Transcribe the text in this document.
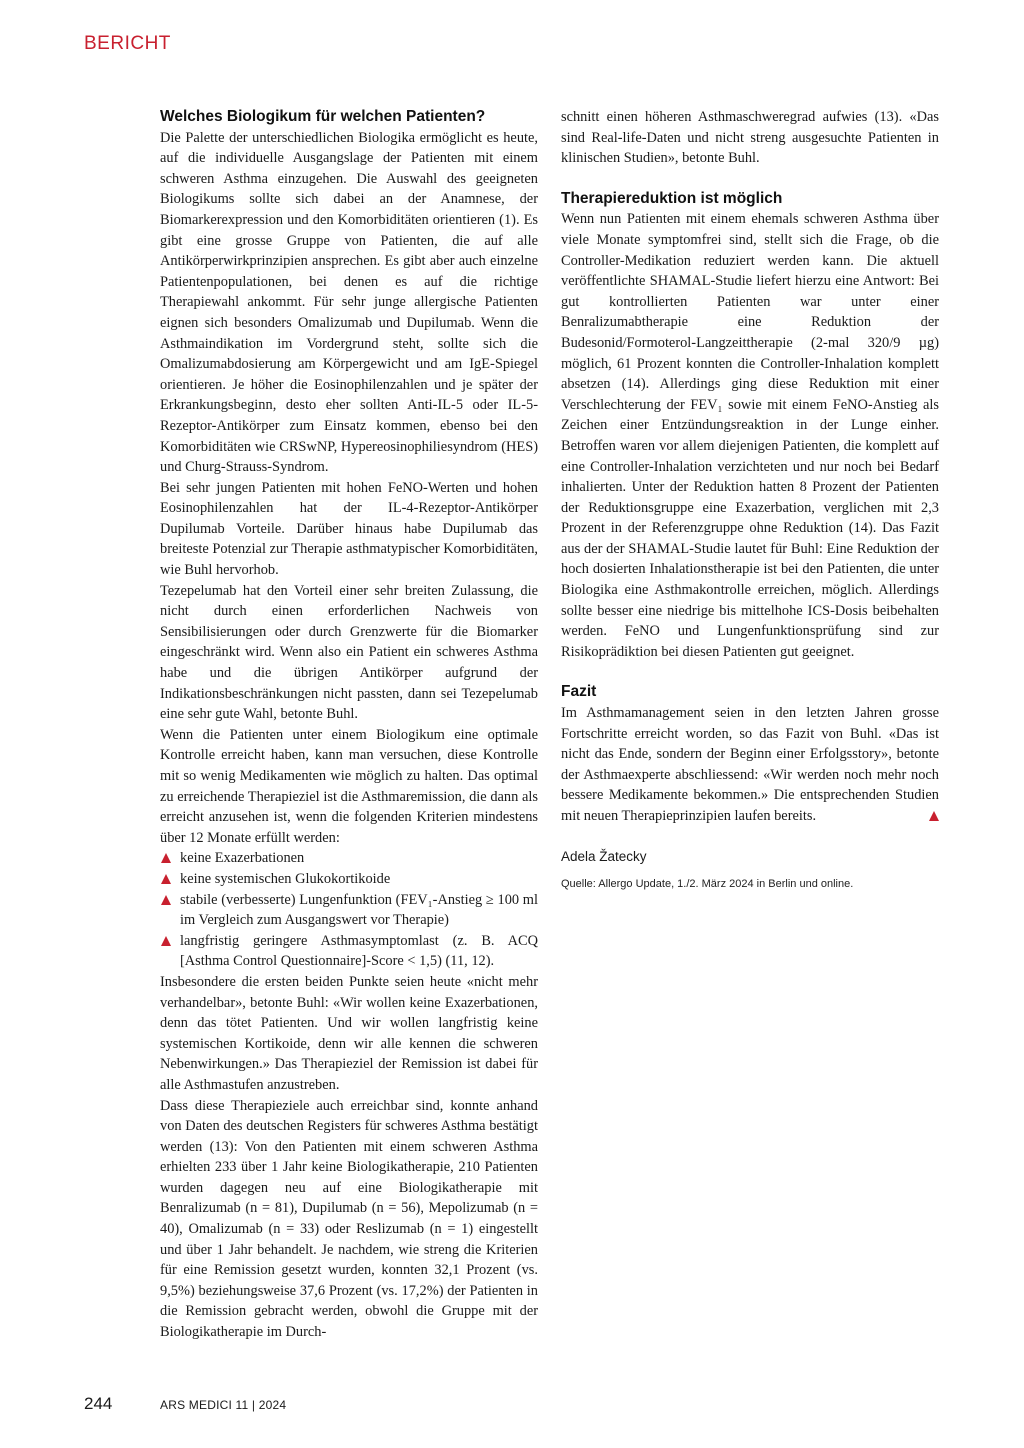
BERICHT
Welches Biologikum für welchen Patienten?

Die Palette der unterschiedlichen Biologika ermöglicht es heute, auf die individuelle Ausgangslage der Patienten mit einem schweren Asthma einzugehen. Die Auswahl des geeigneten Biologikums sollte sich dabei an der Anamnese, der Biomarkerexpression und den Komorbiditäten orientieren (1). Es gibt eine grosse Gruppe von Patienten, die auf alle Antikörperwirkprinzipien ansprechen. Es gibt aber auch einzelne Patientenpopulationen, bei denen es auf die richtige Therapiewahl ankommt. Für sehr junge allergische Patienten eignen sich besonders Omalizumab und Dupilumab. Wenn die Asthmaindikation im Vordergrund steht, sollte sich die Omalizumabdosierung am Körpergewicht und am IgE-Spiegel orientieren. Je höher die Eosinophilenzahlen und je später der Erkrankungsbeginn, desto eher sollten Anti-IL-5 oder IL-5-Rezeptor-Antikörper zum Einsatz kommen, ebenso bei den Komorbiditäten wie CRSwNP, Hypereosinophiliesyndrom (HES) und Churg-Strauss-Syndrom.

Bei sehr jungen Patienten mit hohen FeNO-Werten und hohen Eosinophilenzahlen hat der IL-4-Rezeptor-Antikörper Dupilumab Vorteile. Darüber hinaus habe Dupilumab das breiteste Potenzial zur Therapie asthmatypischer Komorbiditäten, wie Buhl hervorhob.

Tezepelumab hat den Vorteil einer sehr breiten Zulassung, die nicht durch einen erforderlichen Nachweis von Sensibilisierungen oder durch Grenzwerte für die Biomarker eingeschränkt wird. Wenn also ein Patient ein schweres Asthma habe und die übrigen Antikörper aufgrund der Indikationsbeschränkungen nicht passten, dann sei Tezepelumab eine sehr gute Wahl, betonte Buhl.

Wenn die Patienten unter einem Biologikum eine optimale Kontrolle erreicht haben, kann man versuchen, diese Kontrolle mit so wenig Medikamenten wie möglich zu halten. Das optimal zu erreichende Therapieziel ist die Asthmaremission, die dann als erreicht anzusehen ist, wenn die folgenden Kriterien mindestens über 12 Monate erfüllt werden:

keine Exazerbationen
keine systemischen Glukokortikoide
stabile (verbesserte) Lungenfunktion (FEV₁-Anstieg ≥ 100 ml im Vergleich zum Ausgangswert vor Therapie)
langfristig geringere Asthmasymptomlast (z. B. ACQ [Asthma Control Questionnaire]-Score < 1,5) (11, 12).

Insbesondere die ersten beiden Punkte seien heute «nicht mehr verhandelbar», betonte Buhl: «Wir wollen keine Exazerbationen, denn das tötet Patienten. Und wir wollen langfristig keine systemischen Kortikoide, denn wir alle kennen die schweren Nebenwirkungen.» Das Therapieziel der Remission ist dabei für alle Asthmastufen anzustreben.

Dass diese Therapieziele auch erreichbar sind, konnte anhand von Daten des deutschen Registers für schweres Asthma bestätigt werden (13): Von den Patienten mit einem schweren Asthma erhielten 233 über 1 Jahr keine Biologikatherapie, 210 Patienten wurden dagegen neu auf eine Biologikatherapie mit Benralizumab (n = 81), Dupilumab (n = 56), Mepolizumab (n = 40), Omalizumab (n = 33) oder Reslizumab (n = 1) eingestellt und über 1 Jahr behandelt. Je nachdem, wie streng die Kriterien für eine Remission gesetzt wurden, konnten 32,1 Prozent (vs. 9,5%) beziehungsweise 37,6 Prozent (vs. 17,2%) der Patienten in die Remission gebracht werden, obwohl die Gruppe mit der Biologikatherapie im Durch-

schnitt einen höheren Asthmaschweregrad aufwies (13). «Das sind Real-life-Daten und nicht streng ausgesuchte Patienten in klinischen Studien», betonte Buhl.

Therapiereduktion ist möglich

Wenn nun Patienten mit einem ehemals schweren Asthma über viele Monate symptomfrei sind, stellt sich die Frage, ob die Controller-Medikation reduziert werden kann. Die aktuell veröffentlichte SHAMAL-Studie liefert hierzu eine Antwort: Bei gut kontrollierten Patienten war unter einer Benralizumabtherapie eine Reduktion der Budesonid/Formoterol-Langzeittherapie (2-mal 320/9 µg) möglich, 61 Prozent konnten die Controller-Inhalation komplett absetzen (14). Allerdings ging diese Reduktion mit einer Verschlechterung der FEV₁ sowie mit einem FeNO-Anstieg als Zeichen einer Entzündungsreaktion in der Lunge einher. Betroffen waren vor allem diejenigen Patienten, die komplett auf eine Controller-Inhalation verzichteten und nur noch bei Bedarf inhalierten. Unter der Reduktion hatten 8 Prozent der Patienten der Reduktionsgruppe eine Exazerbation, verglichen mit 2,3 Prozent in der Referenzgruppe ohne Reduktion (14). Das Fazit aus der der SHAMAL-Studie lautet für Buhl: Eine Reduktion der hoch dosierten Inhalationstherapie ist bei den Patienten, die unter Biologika eine Asthmakontrolle erreichen, möglich. Allerdings sollte besser eine niedrige bis mittelhohe ICS-Dosis beibehalten werden. FeNO und Lungenfunktionsprüfung sind zur Risikoprädiktion bei diesen Patienten gut geeignet.

Fazit

Im Asthmamanagement seien in den letzten Jahren grosse Fortschritte erreicht worden, so das Fazit von Buhl. «Das ist nicht das Ende, sondern der Beginn einer Erfolgsstory», betonte der Asthmaexperte abschliessend: «Wir werden noch mehr noch bessere Medikamente bekommen.» Die entsprechenden Studien mit neuen Therapieprinzipien laufen bereits.

Adela Žatecky
Quelle: Allergo Update, 1./2. März 2024 in Berlin und online.
244	ARS MEDICI 11 | 2024
